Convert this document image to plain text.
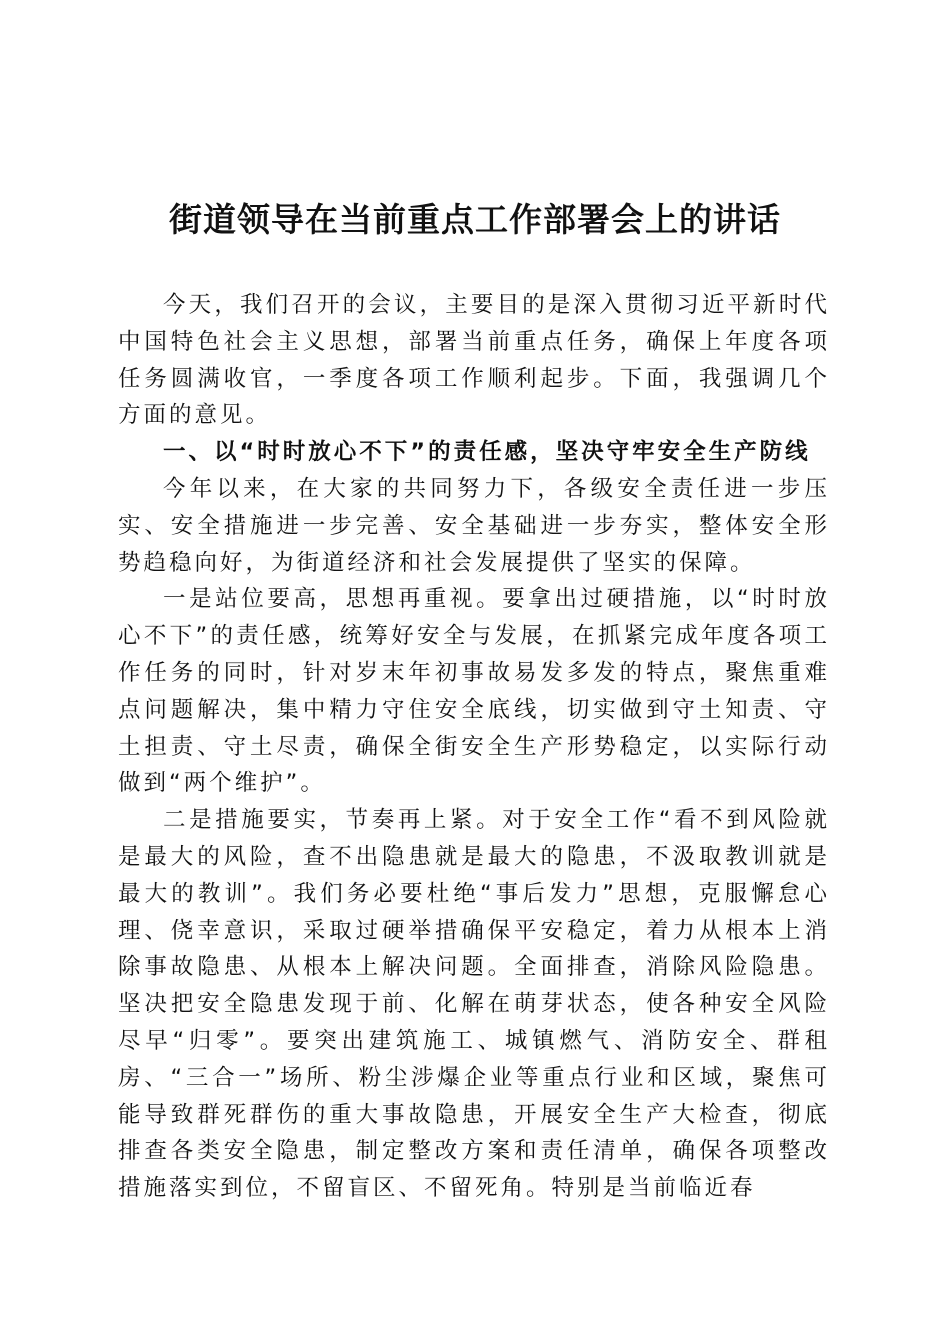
街道领导在当前重点工作部署会上的讲话

今天，我们召开的会议，主要目的是深入贯彻习近平新时代中国特色社会主义思想，部署当前重点任务，确保上年度各项任务圆满收官，一季度各项工作顺利起步。下面，我强调几个方面的意见。

一、以“时时放心不下”的责任感，坚决守牢安全生产防线

今年以来，在大家的共同努力下，各级安全责任进一步压实、安全措施进一步完善、安全基础进一步夯实，整体安全形势趋稳向好，为街道经济和社会发展提供了坚实的保障。

一是站位要高，思想再重视。要拿出过硬措施，以“时时放心不下”的责任感，统筹好安全与发展，在抓紧完成年度各项工作任务的同时，针对岁末年初事故易发多发的特点，聚焦重难点问题解决，集中精力守住安全底线，切实做到守土知责、守土担责、守土尽责，确保全街安全生产形势稳定，以实际行动做到“两个维护”。

二是措施要实，节奏再上紧。对于安全工作“看不到风险就是最大的风险，查不出隐患就是最大的隐患，不汲取教训就是最大的教训”。我们务必要杜绝“事后发力”思想，克服懈怠心理、侥幸意识，采取过硬举措确保平安稳定，着力从根本上消除事故隐患、从根本上解决问题。全面排查，消除风险隐患。坚决把安全隐患发现于前、化解在萌芽状态，使各种安全风险尽早“归零”。要突出建筑施工、城镇燃气、消防安全、群租房、“三合一”场所、粉尘涉爆企业等重点行业和区域，聚焦可能导致群死群伤的重大事故隐患，开展安全生产大检查，彻底排查各类安全隐患，制定整改方案和责任清单，确保各项整改措施落实到位，不留盲区、不留死角。特别是当前临近春
